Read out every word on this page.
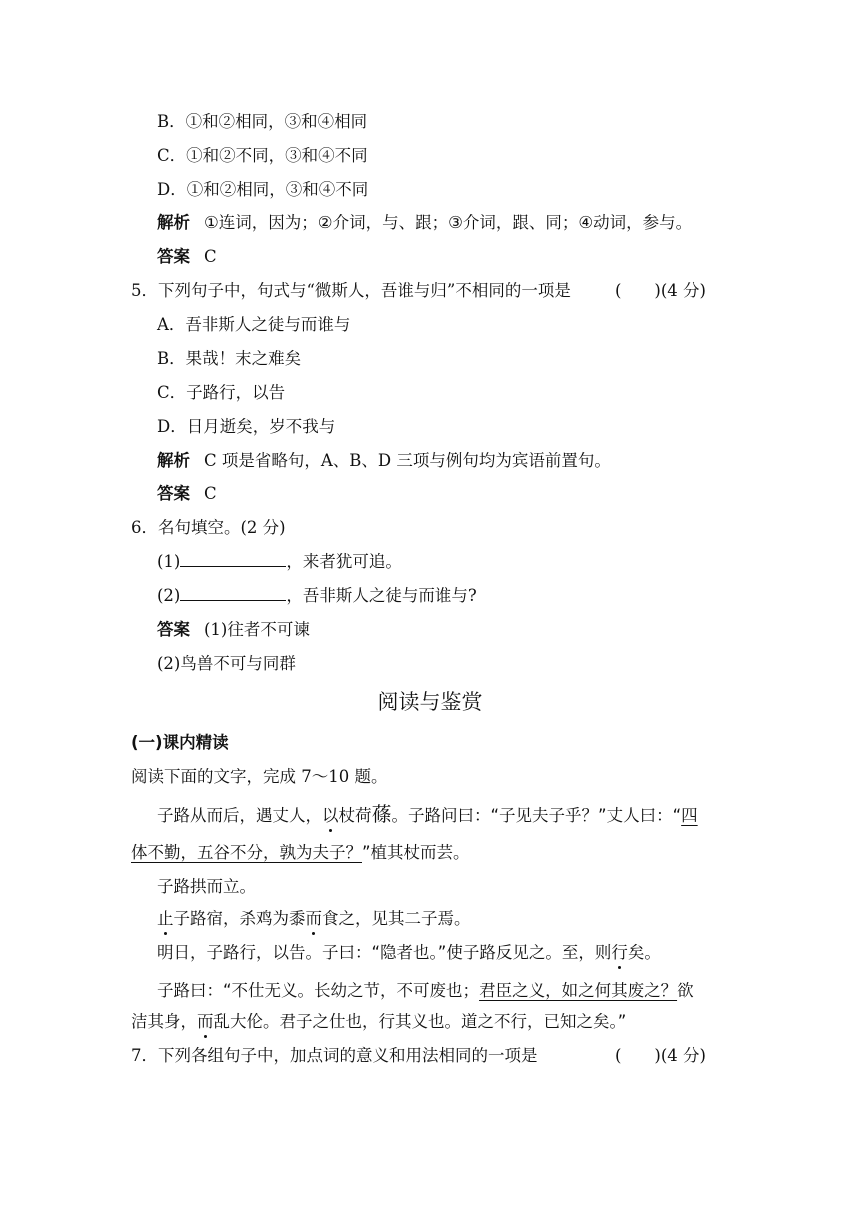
B．①和②相同，③和④相同
C．①和②不同，③和④不同
D．①和②相同，③和④不同
解析 ①连词，因为；②介词，与、跟；③介词，跟、同；④动词，参与。
答案 C
5．下列句子中，句式与“微斯人，吾谁与归”不相同的一项是	(　　)(4 分)
A．吾非斯人之徒与而谁与
B．果哉！末之难矣
C．子路行，以告
D．日月逝矣，岁不我与
解析 C 项是省略句，A、B、D 三项与例句均为宾语前置句。
答案 C
6．名句填空。(2 分)
(1)	，来者犹可追。
(2)	，吾非斯人之徒与而谁与?
答案 (1)往者不可谏
(2)鸟兽不可与同群
阅读与鉴赏
(一)课内精读
阅读下面的文字，完成 7～10 题。
子路从而后，遇丈人，以杖荷蓧。子路问曰：“子见夫子乎？”丈人曰：“四
体不勤，五谷不分，孰为夫子？”植其杖而芸。
子路拱而立。
止子路宿，杀鸡为黍而食之，见其二子焉。
明日，子路行，以告。子曰：“隐者也。”使子路反见之。至，则行矣。
子路曰：“不仕无义。长幼之节，不可废也；君臣之义，如之何其废之？欲
洁其身，而乱大伦。君子之仕也，行其义也。道之不行，已知之矣。”
7．下列各组句子中，加点词的意义和用法相同的一项是	(　　)(4 分)
